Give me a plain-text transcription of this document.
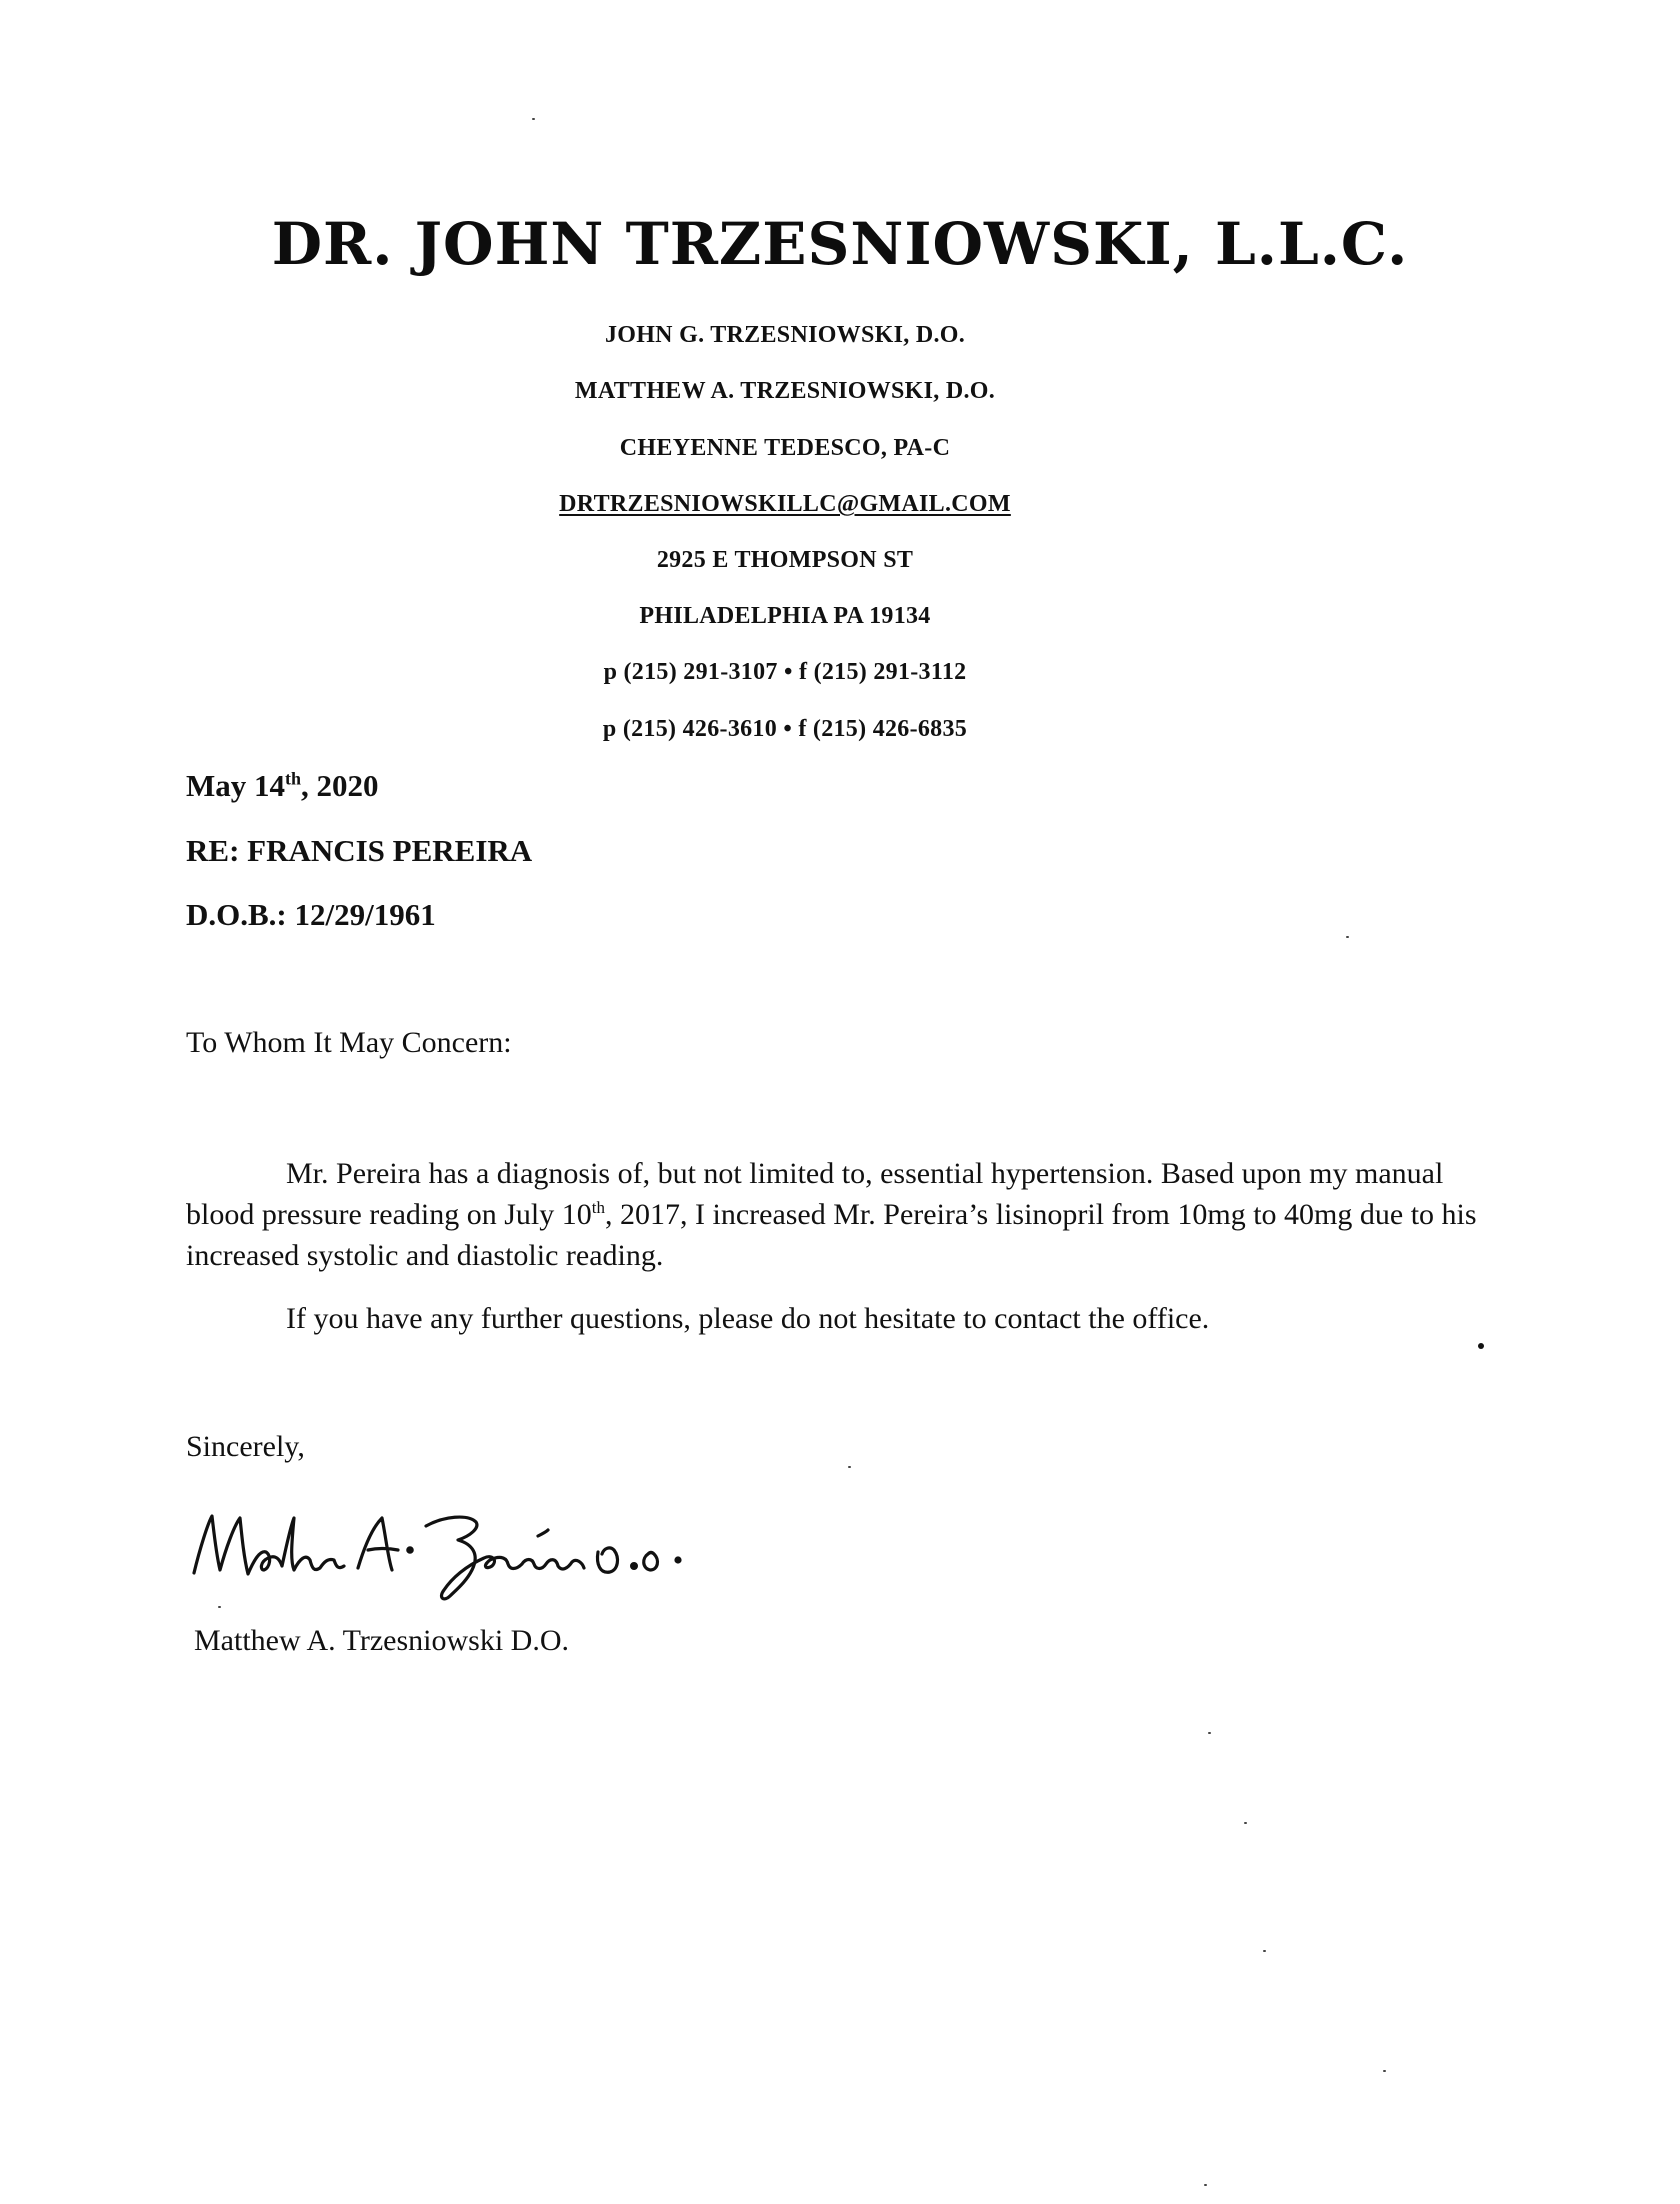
DR. JOHN TRZESNIOWSKI, L.L.C.
JOHN G. TRZESNIOWSKI, D.O.
MATTHEW A. TRZESNIOWSKI, D.O.
CHEYENNE TEDESCO, PA-C
DRTRZESNIOWSKILLC@GMAIL.COM
2925 E THOMPSON ST
PHILADELPHIA PA 19134
p (215) 291-3107 • f (215) 291-3112
p (215) 426-3610 • f (215) 426-6835
May 14th, 2020
RE: FRANCIS PEREIRA
D.O.B.: 12/29/1961
To Whom It May Concern:
Mr. Pereira has a diagnosis of, but not limited to, essential hypertension. Based upon my manual blood pressure reading on July 10th, 2017, I increased Mr. Pereira’s lisinopril from 10mg to 40mg due to his increased systolic and diastolic reading.
If you have any further questions, please do not hesitate to contact the office.
Sincerely,
Matthew A. Trzesniowski D.O.
